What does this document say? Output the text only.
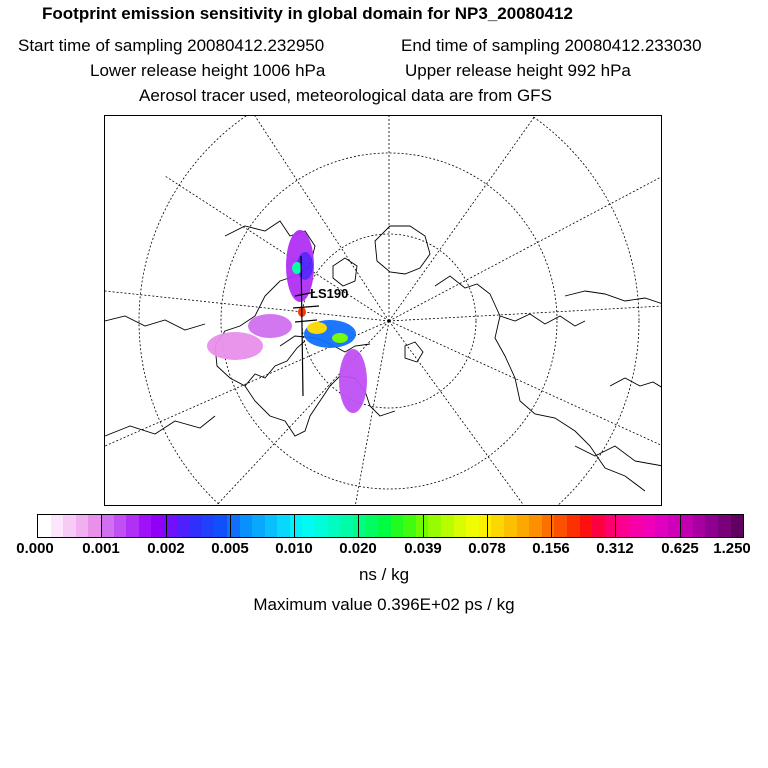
Footprint emission sensitivity in global domain for NP3_20080412
Start time of sampling 20080412.232950	End time of sampling 20080412.233030
Lower release height 1006 hPa	Upper release height 992 hPa
Aerosol tracer used, meteorological data are from GFS
LS190
0.000 0.001 0.002 0.005 0.010 0.020 0.039 0.078 0.156 0.312 0.625 1.250
ns / kg
Maximum value 0.396E+02 ps / kg
